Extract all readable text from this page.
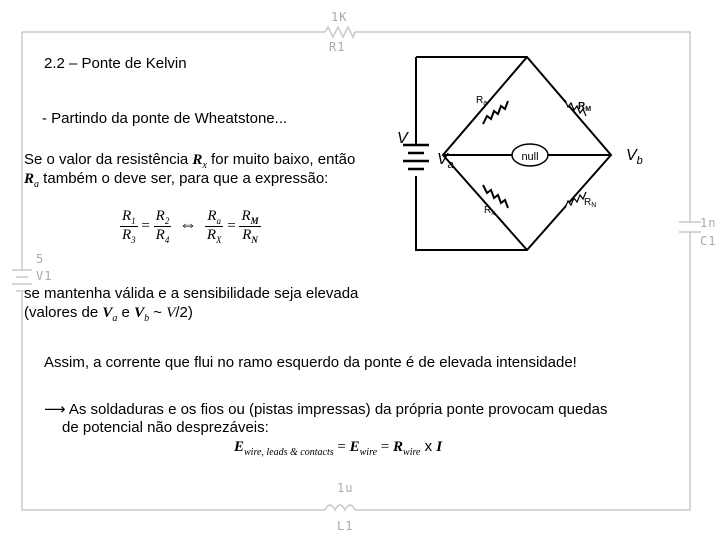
1K
R1
1n
C1
5
V1
1u
L1
null
$R_a$	$R_M$
$R_x$
$R_N$
V
$V_a$
$V_b$
2.2 – Ponte de Kelvin
- Partindo da ponte de Wheatstone...
Se o valor da resistência $R_x$ for muito baixo, então
$R_a$ também o deve ser, para que a expressão:
$\frac{R_1}{R_3} = \frac{R_2}{R_4}$ ⇔ $\frac{R_a}{R_X} = \frac{R_M}{R_N}$
se mantenha válida e a sensibilidade seja elevada
(valores de $V_a$ e $V_b$ ~ V/2)
Assim, a corrente que flui no ramo esquerdo da ponte é de elevada intensidade!
⟶ As soldaduras e os fios ou (pistas impressas) da própria ponte provocam quedas
de potencial não desprezáveis:
$E_{wire, leads \& contacts} = E_{wire} = R_{wire}$ x I
